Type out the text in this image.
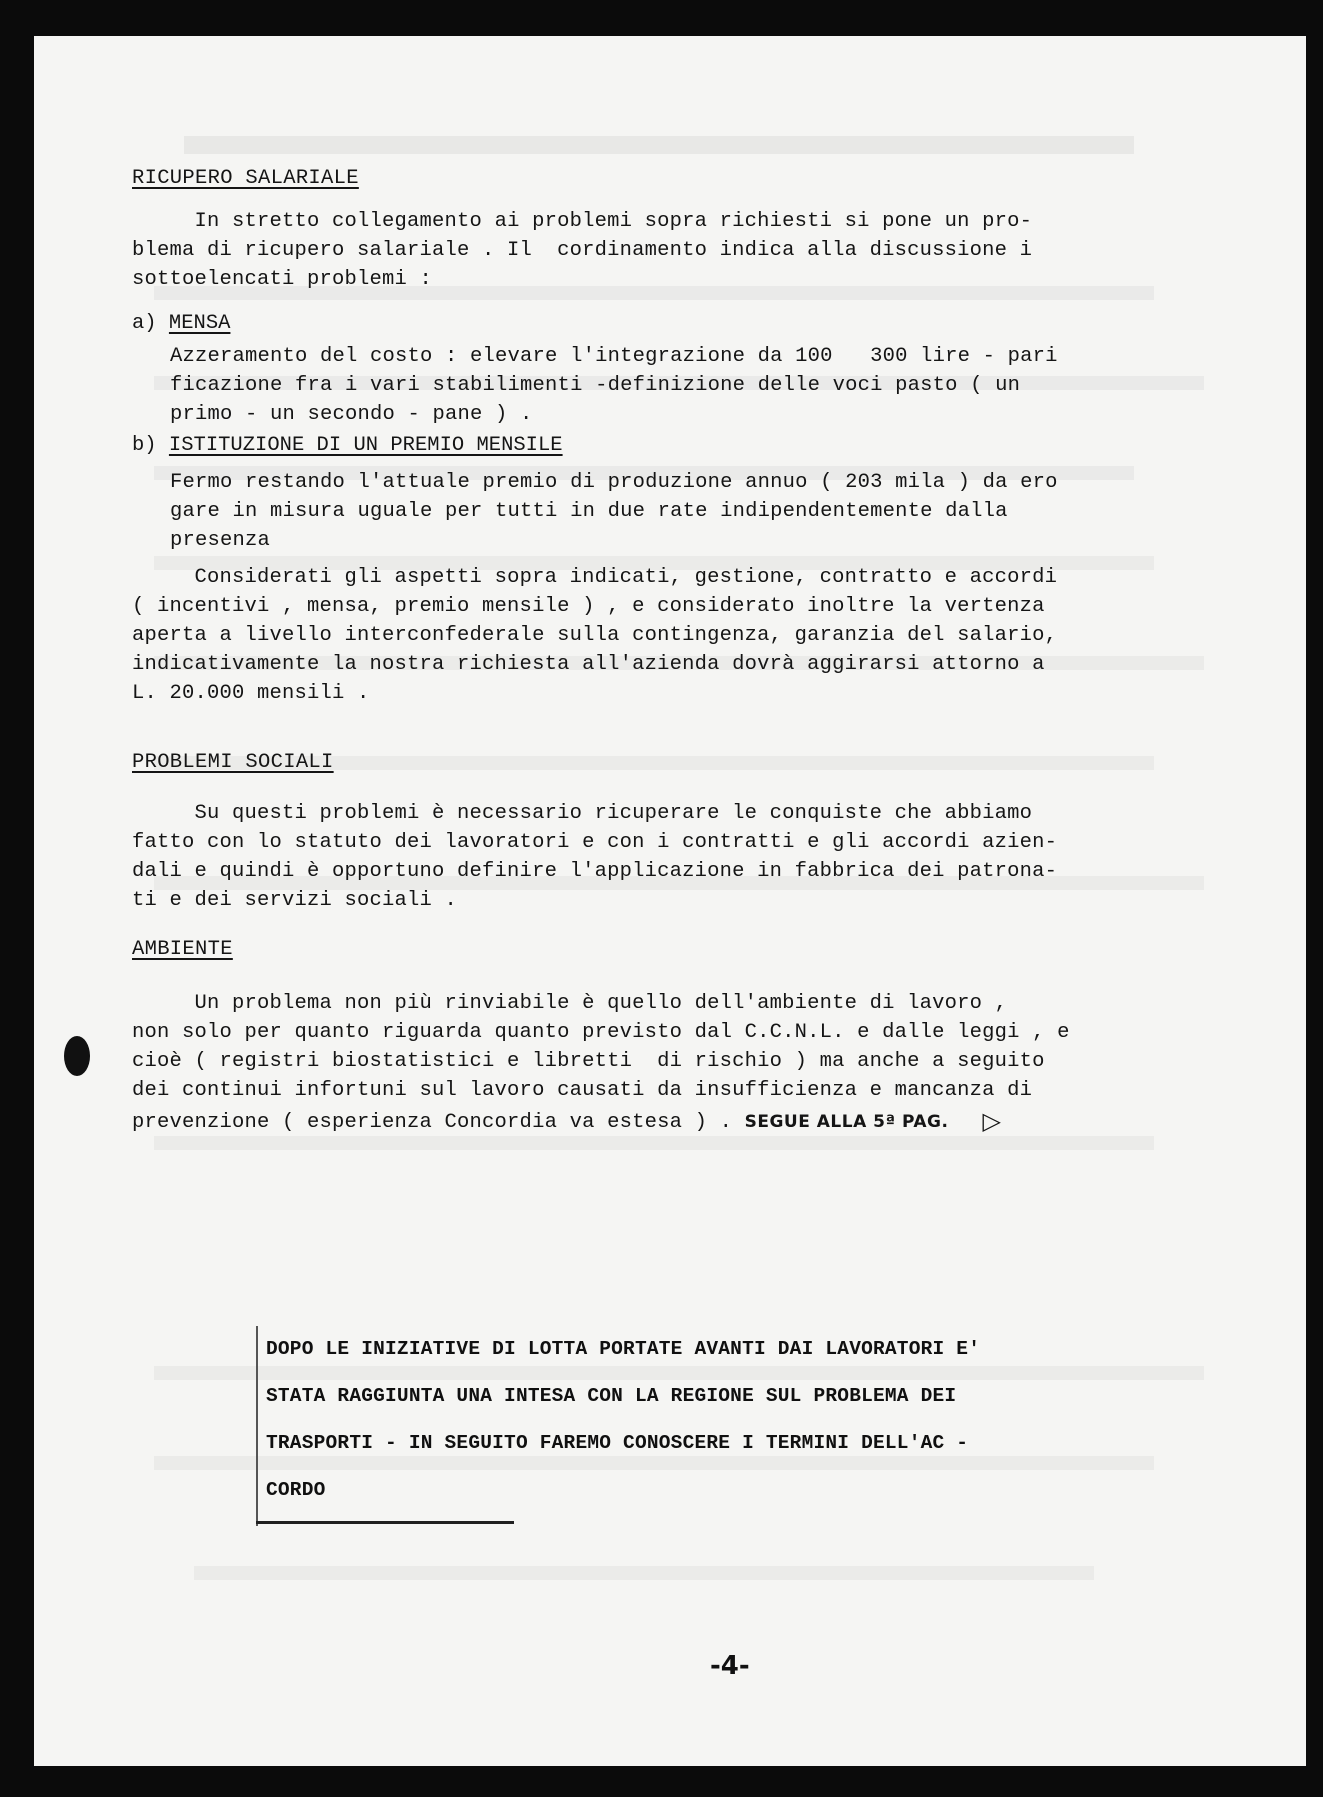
RICUPERO SALARIALE

In stretto collegamento ai problemi sopra richiesti si pone un pro-

blema di ricupero salariale . Il  cordinamento indica alla discussione i

sottoelencati problemi :

a) MENSA

Azzeramento del costo : elevare l'integrazione da 100   300 lire - pari

ficazione fra i vari stabilimenti -definizione delle voci pasto ( un

primo - un secondo - pane ) .

b) ISTITUZIONE DI UN PREMIO MENSILE

Fermo restando l'attuale premio di produzione annuo ( 203 mila ) da ero

gare in misura uguale per tutti in due rate indipendentemente dalla

presenza

Considerati gli aspetti sopra indicati, gestione, contratto e accordi

( incentivi , mensa, premio mensile ) , e considerato inoltre la vertenza

aperta a livello interconfederale sulla contingenza, garanzia del salario,

indicativamente la nostra richiesta all'azienda dovrà aggirarsi attorno a

L. 20.000 mensili .

PROBLEMI SOCIALI

Su questi problemi è necessario ricuperare le conquiste che abbiamo

fatto con lo statuto dei lavoratori e con i contratti e gli accordi azien-

dali e quindi è opportuno definire l'applicazione in fabbrica dei patrona-

ti e dei servizi sociali .

AMBIENTE

Un problema non più rinviabile è quello dell'ambiente di lavoro ,

non solo per quanto riguarda quanto previsto dal C.C.N.L. e dalle leggi , e

cioè ( registri biostatistici e libretti  di rischio ) ma anche a seguito

dei continui infortuni sul lavoro causati da insufficienza e mancanza di

prevenzione ( esperienza Concordia va estesa ) . SEGUE ALLA 5ª PAG. ▷

DOPO LE INIZIATIVE DI LOTTA PORTATE AVANTI DAI LAVORATORI E'

STATA RAGGIUNTA UNA INTESA CON LA REGIONE SUL PROBLEMA DEI

TRASPORTI - IN SEGUITO FAREMO CONOSCERE I TERMINI DELL'AC -

CORDO

-4-
